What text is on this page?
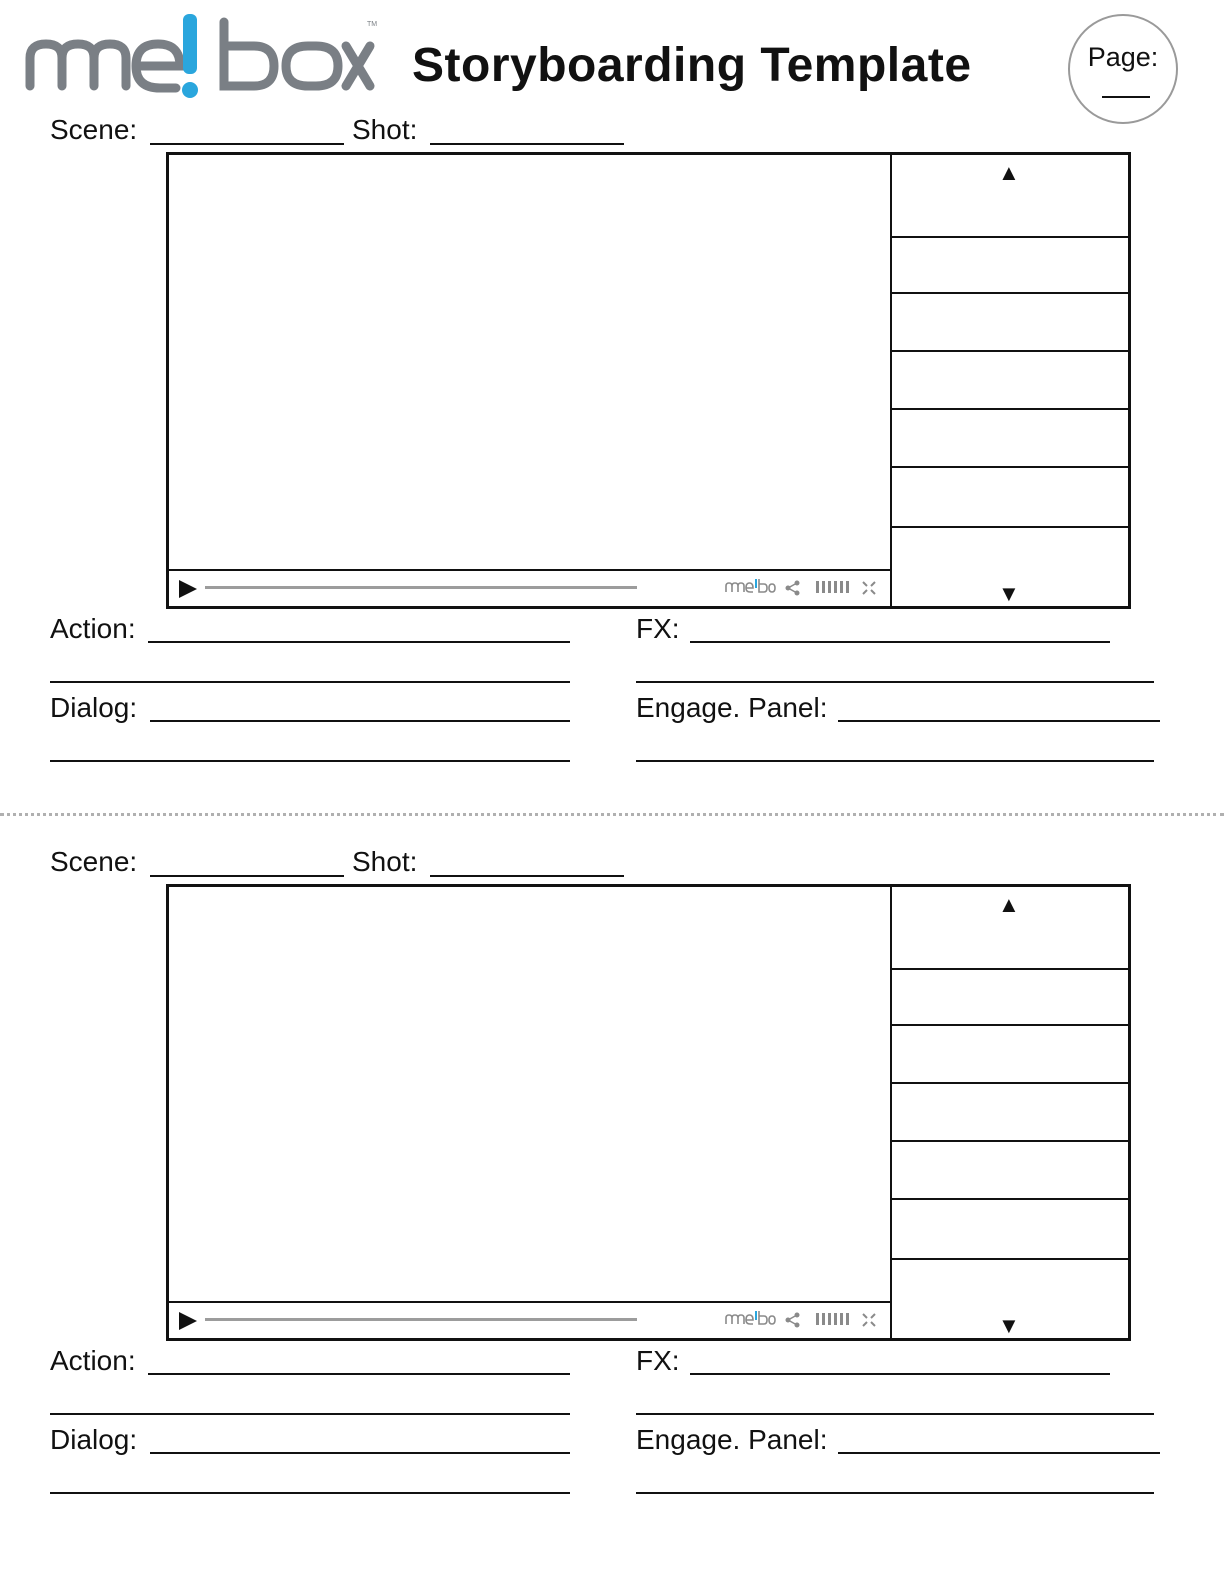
TM
Storyboarding Template	Page:
Scene:	Shot:
▲
▼
Action:	FX:
Dialog:	Engage. Panel:
Scene:	Shot:
▲
▼
Action:	FX:
Dialog:	Engage. Panel:
